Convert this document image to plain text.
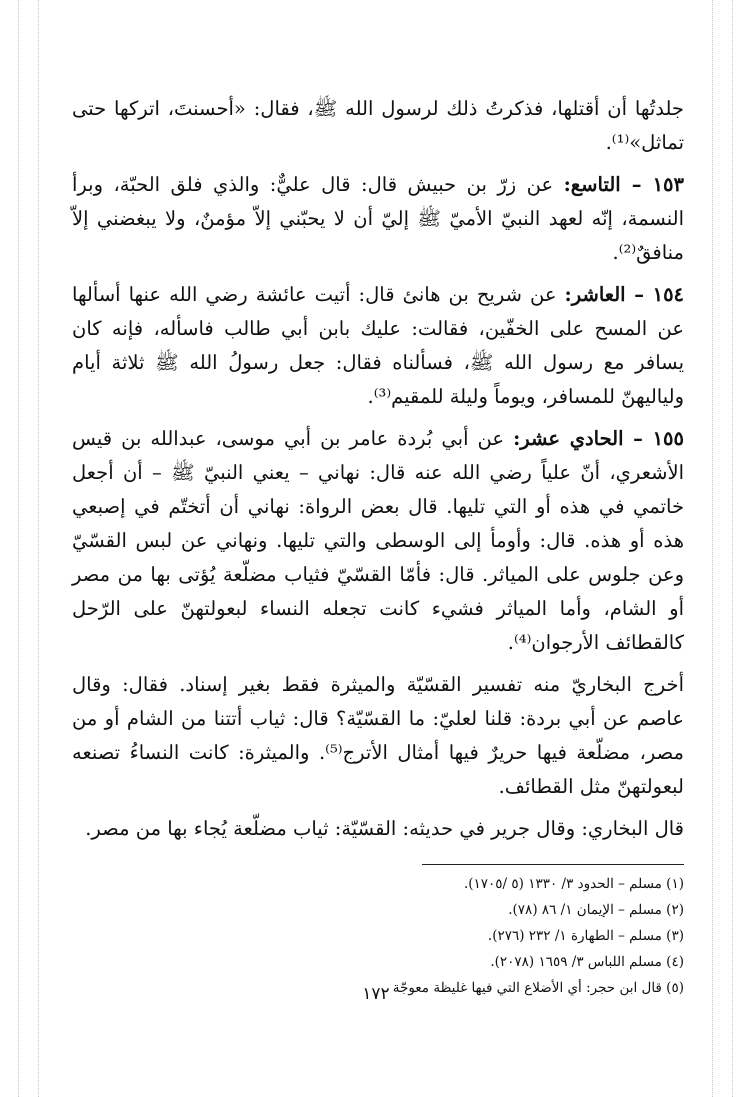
جلدتُها أن أقتلها، فذكرتُ ذلك لرسول الله ﷺ، فقال: «أحسنتَ، اتركها حتى تماثل»⁽¹⁾.

١٥٣ – التاسع: عن زرّ بن حبيش قال: قال عليٌّ: والذي فلق الحبّة، وبرأ النسمة، إنّه لعهد النبيّ الأميّ ﷺ إليّ أن لا يحبّني إلاّ مؤمنٌ، ولا يبغضني إلاّ منافقٌ⁽²⁾.

١٥٤ – العاشر: عن شريح بن هانئ قال: أتيت عائشة رضي الله عنها أسألها عن المسح على الخفّين، فقالت: عليك بابن أبي طالب فاسأله، فإنه كان يسافر مع رسول الله ﷺ، فسألناه فقال: جعل رسولُ الله ﷺ ثلاثة أيام ولياليهنّ للمسافر، ويوماً وليلة للمقيم⁽³⁾.

١٥٥ – الحادي عشر: عن أبي بُردة عامر بن أبي موسى، عبدالله بن قيس الأشعري، أنّ علياً رضي الله عنه قال: نهاني – يعني النبيّ ﷺ – أن أجعل خاتمي في هذه أو التي تليها. قال بعض الرواة: نهاني أن أتختّم في إصبعي هذه أو هذه. قال: وأومأ إلى الوسطى والتي تليها. ونهاني عن لبس القسّيّ وعن جلوس على المياثر. قال: فأمّا القسّيّ فثياب مضلّعة يُؤتى بها من مصر أو الشام، وأما المياثر فشيء كانت تجعله النساء لبعولتهنّ على الرّحل كالقطائف الأرجوان⁽⁴⁾.

أخرج البخاريّ منه تفسير القسّيّة والميثرة فقط بغير إسناد. فقال: وقال عاصم عن أبي بردة: قلنا لعليّ: ما القسّيّة؟ قال: ثياب أتتنا من الشام أو من مصر، مضلّعة فيها حريرٌ فيها أمثال الأترج⁽⁵⁾. والميثرة: كانت النساءُ تصنعه لبعولتهنّ مثل القطائف.

قال البخاري: وقال جرير في حديثه: القسّيّة: ثياب مضلّعة يُجاء بها من مصر.

(١) مسلم – الحدود ٣/ ١٣٣٠ (٥ /١٧٠٥).

(٢) مسلم – الإيمان ١/ ٨٦ (٧٨).

(٣) مسلم – الطهارة ١/ ٢٣٢ (٢٧٦).

(٤) مسلم اللباس ٣/ ١٦٥٩ (٢٠٧٨).

(٥) قال ابن حجر: أي الأضلاع التي فيها غليظة معوجّة

١٧٢
